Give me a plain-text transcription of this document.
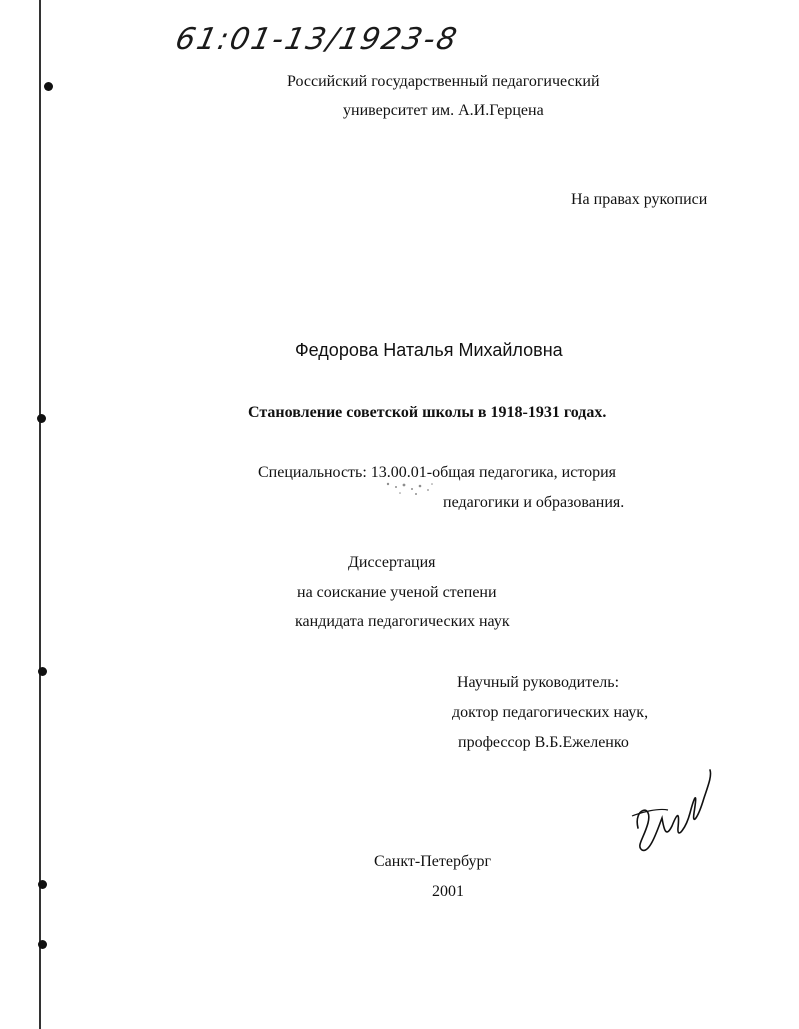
61:01-13/1923-8
Российский государственный педагогический
университет им. А.И.Герцена
На правах рукописи
Федорова Наталья Михайловна
Становление советской школы в 1918-1931 годах.
Специальность: 13.00.01-общая педагогика, история
педагогики и образования.
Диссертация
на соискание ученой степени
кандидата педагогических наук
Научный руководитель:
доктор педагогических наук,
профессор В.Б.Ежеленко
Санкт-Петербург
2001
